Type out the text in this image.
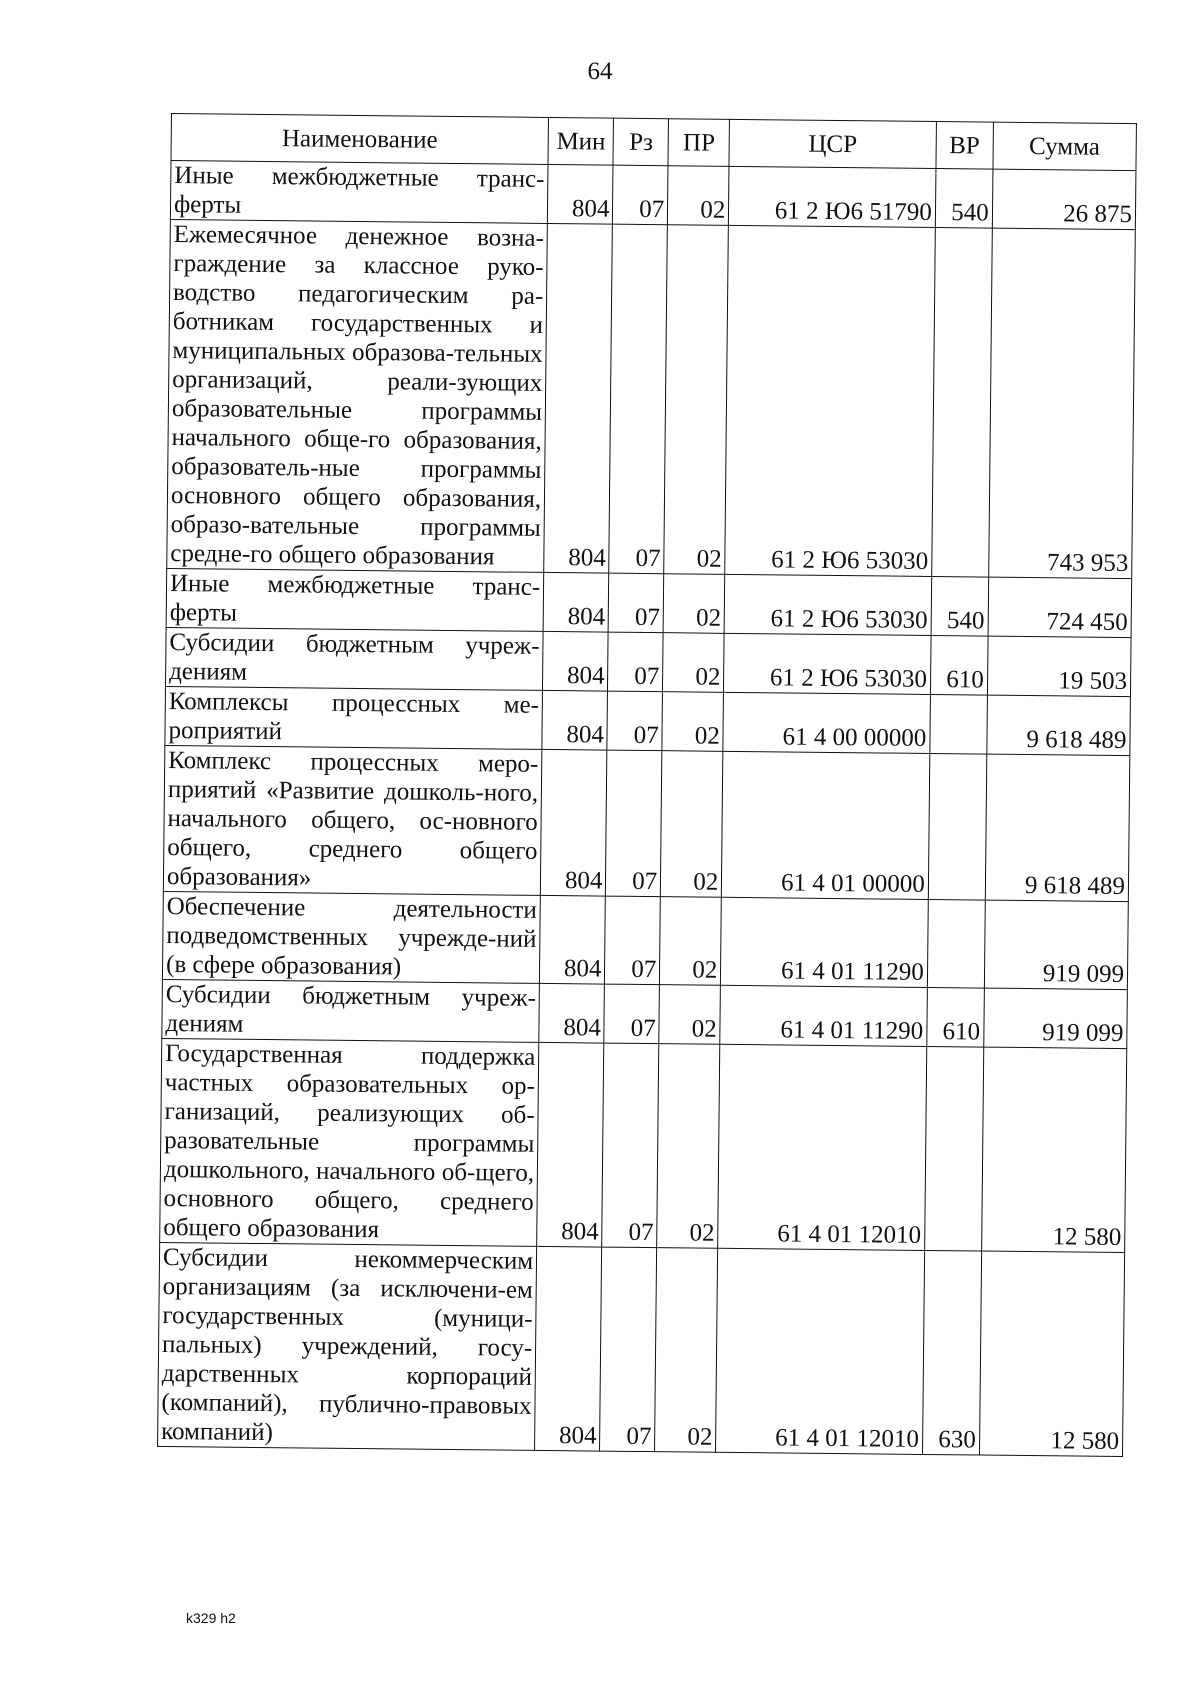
64
Наименование	Мин	Рз	ПР	ЦСР	ВР	Сумма
Иные межбюджетные транс-ферты	804	07	02	61 2 Ю6 51790	540	26 875
Ежемесячное денежное возна-граждение за классное руко-водство педагогическим ра-ботникам государственных и муниципальных образова-тельных организаций, реали-зующих образовательные программы начального обще-го образования, образователь-ные программы основного общего образования, образо-вательные программы средне-го общего образования	804	07	02	61 2 Ю6 53030		743 953
Иные межбюджетные транс-ферты	804	07	02	61 2 Ю6 53030	540	724 450
Субсидии бюджетным учреж-дениям	804	07	02	61 2 Ю6 53030	610	19 503
Комплексы процессных ме-роприятий	804	07	02	61 4 00 00000		9 618 489
Комплекс процессных меро-приятий «Развитие дошколь-ного, начального общего, ос-новного общего, среднего общего образования»	804	07	02	61 4 01 00000		9 618 489
Обеспечение деятельности подведомственных учрежде-ний (в сфере образования)	804	07	02	61 4 01 11290		919 099
Субсидии бюджетным учреж-дениям	804	07	02	61 4 01 11290	610	919 099
Государственная поддержка частных образовательных ор-ганизаций, реализующих об-разовательные программы дошкольного, начального об-щего, основного общего, среднего общего образования	804	07	02	61 4 01 12010		12 580
Субсидии некоммерческим организациям (за исключени-ем государственных (муници-пальных) учреждений, госу-дарственных корпораций (компаний), публично-правовых компаний)	804	07	02	61 4 01 12010	630	12 580
k329 h2
